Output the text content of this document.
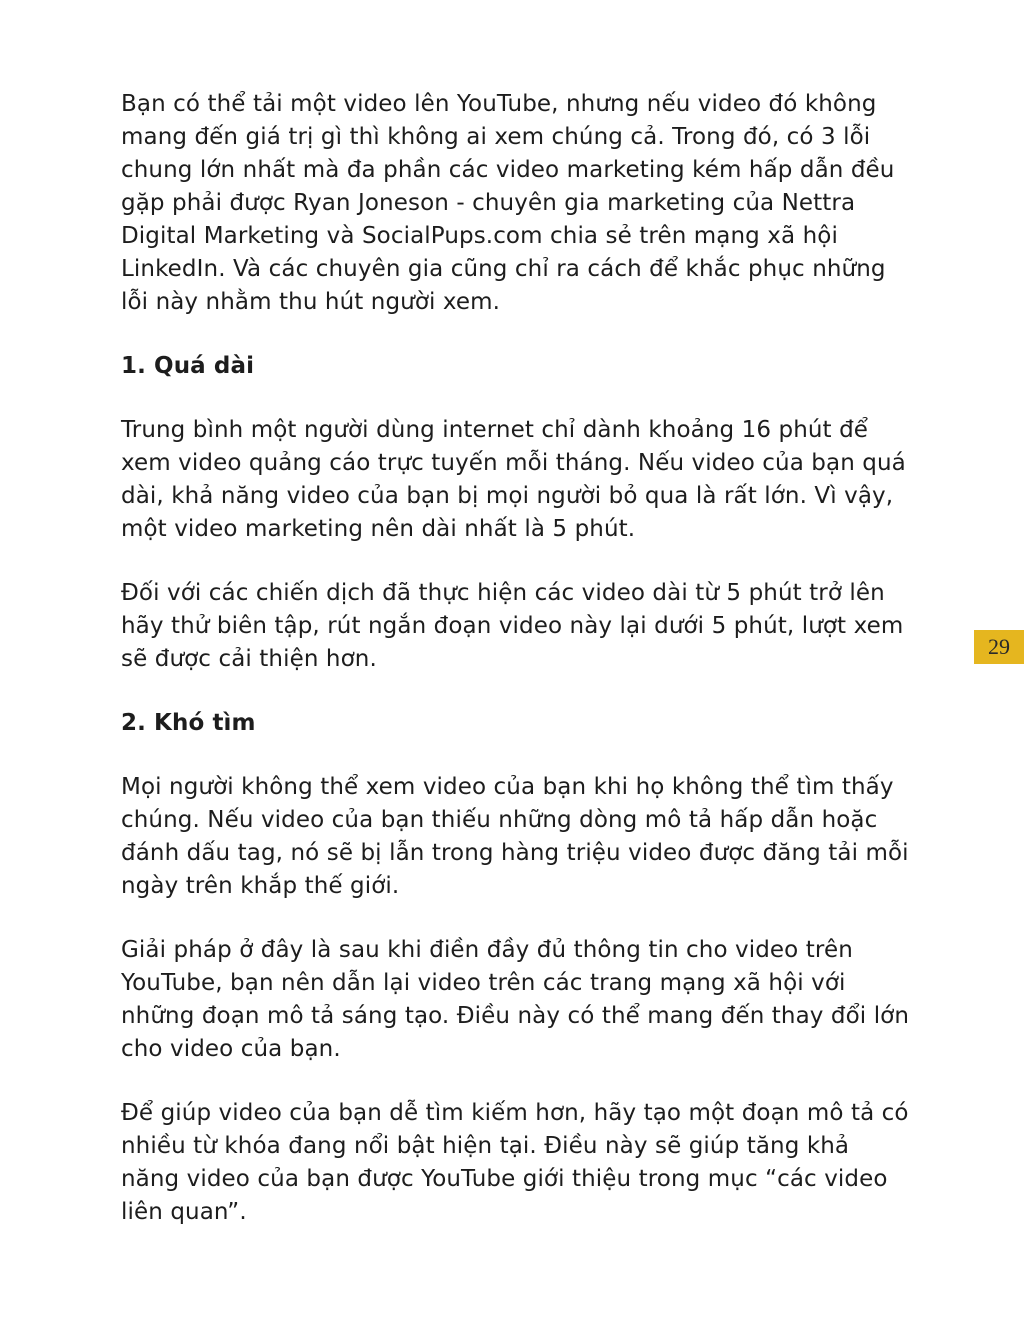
Bạn có thể tải một video lên YouTube, nhưng nếu video đó không mang đến giá trị gì thì không ai xem chúng cả. Trong đó, có 3 lỗi chung lớn nhất mà đa phần các video marketing kém hấp dẫn đều gặp phải được Ryan Joneson - chuyên gia marketing của Nettra Digital Marketing và SocialPups.com chia sẻ trên mạng xã hội LinkedIn. Và các chuyên gia cũng chỉ ra cách để khắc phục những lỗi này nhằm thu hút người xem.

1. Quá dài

Trung bình một người dùng internet chỉ dành khoảng 16 phút để xem video quảng cáo trực tuyến mỗi tháng. Nếu video của bạn quá dài, khả năng video của bạn bị mọi người bỏ qua là rất lớn. Vì vậy, một video marketing nên dài nhất là 5 phút.

Đối với các chiến dịch đã thực hiện các video dài từ 5 phút trở lên hãy thử biên tập, rút ngắn đoạn video này lại dưới 5 phút, lượt xem sẽ được cải thiện hơn.

2. Khó tìm

Mọi người không thể xem video của bạn khi họ không thể tìm thấy chúng. Nếu video của bạn thiếu những dòng mô tả hấp dẫn hoặc đánh dấu tag, nó sẽ bị lẫn trong hàng triệu video được đăng tải mỗi ngày trên khắp thế giới.

Giải pháp ở đây là sau khi điền đầy đủ thông tin cho video trên YouTube, bạn nên dẫn lại video trên các trang mạng xã hội với những đoạn mô tả sáng tạo. Điều này có thể mang đến thay đổi lớn cho video của bạn.

Để giúp video của bạn dễ tìm kiếm hơn, hãy tạo một đoạn mô tả có nhiều từ khóa đang nổi bật hiện tại. Điều này sẽ giúp tăng khả năng video của bạn được YouTube giới thiệu trong mục “các video liên quan”.

29
